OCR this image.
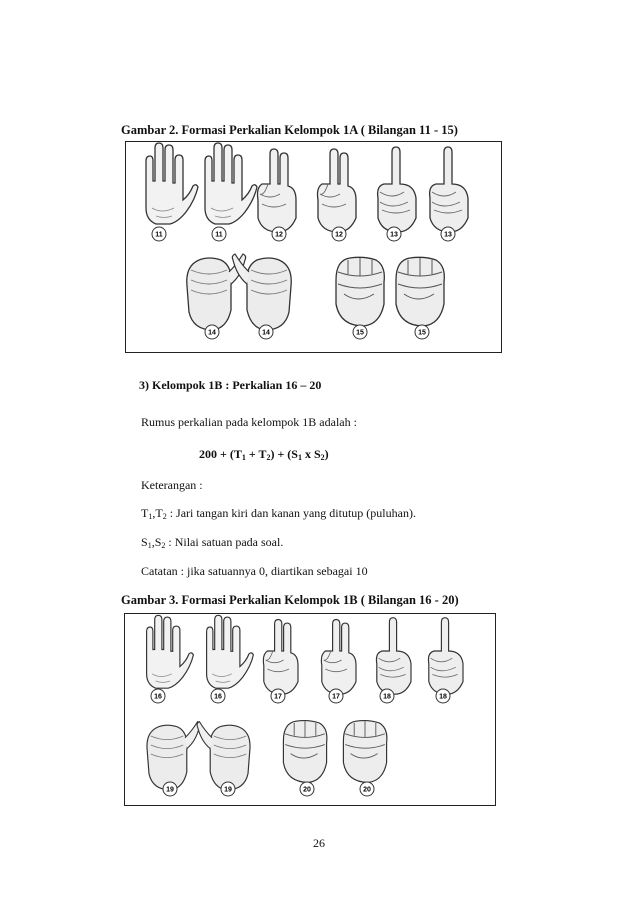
Gambar 2. Formasi Perkalian Kelompok 1A ( Bilangan 11 - 15)
11	11	12	12	13	13
14	14	15	15
3) Kelompok 1B : Perkalian 16 – 20
Rumus perkalian pada kelompok 1B adalah :
$200 + (T_1 + T_2) + (S_1$ x $S_2$)
Keterangan :
$T_1,T_2$ : Jari tangan kiri dan kanan yang ditutup (puluhan).
$S_1,S_2$ : Nilai satuan pada soal.
Catatan : jika satuannya 0, diartikan sebagai 10
Gambar 3. Formasi Perkalian Kelompok 1B ( Bilangan 16 - 20)
16	16	17	17	18	18
19	19	20	20
26
